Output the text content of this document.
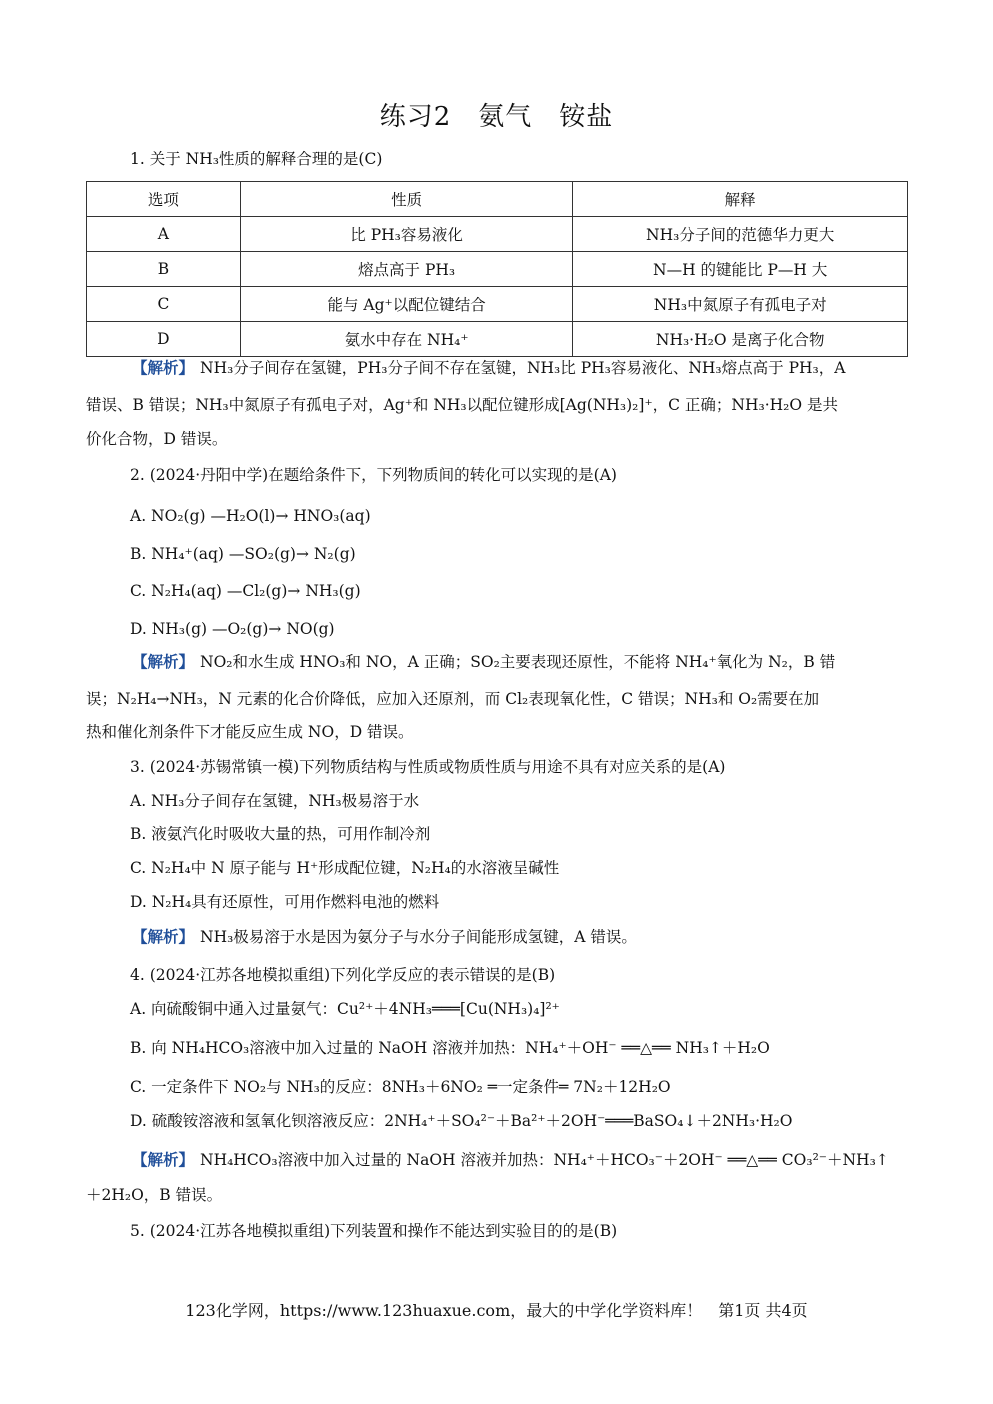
练习2　氨气　铵盐
1. 关于 NH₃性质的解释合理的是(C)
选项	性质	解释
A	比 PH₃容易液化	NH₃分子间的范德华力更大
B	熔点高于 PH₃	N—H 的键能比 P—H 大
C	能与 Ag⁺以配位键结合	NH₃中氮原子有孤电子对
D	氨水中存在 NH₄⁺	NH₃·H₂O 是离子化合物
【解析】 NH₃分子间存在氢键，PH₃分子间不存在氢键，NH₃比 PH₃容易液化、NH₃熔点高于 PH₃，A
错误、B 错误；NH₃中氮原子有孤电子对，Ag⁺和 NH₃以配位键形成[Ag(NH₃)₂]⁺，C 正确；NH₃·H₂O 是共
价化合物，D 错误。
2. (2024·丹阳中学)在题给条件下，下列物质间的转化可以实现的是(A)
A. NO₂(g) —H₂O(l)→ HNO₃(aq)
B. NH₄⁺(aq) —SO₂(g)→ N₂(g)
C. N₂H₄(aq) —Cl₂(g)→ NH₃(g)
D. NH₃(g) —O₂(g)→ NO(g)
【解析】 NO₂和水生成 HNO₃和 NO，A 正确；SO₂主要表现还原性，不能将 NH₄⁺氧化为 N₂，B 错
误；N₂H₄→NH₃，N 元素的化合价降低，应加入还原剂，而 Cl₂表现氧化性，C 错误；NH₃和 O₂需要在加
热和催化剂条件下才能反应生成 NO，D 错误。
3. (2024·苏锡常镇一模)下列物质结构与性质或物质性质与用途不具有对应关系的是(A)
A. NH₃分子间存在氢键，NH₃极易溶于水
B. 液氨汽化时吸收大量的热，可用作制冷剂
C. N₂H₄中 N 原子能与 H⁺形成配位键，N₂H₄的水溶液呈碱性
D. N₂H₄具有还原性，可用作燃料电池的燃料
【解析】 NH₃极易溶于水是因为氨分子与水分子间能形成氢键，A 错误。
4. (2024·江苏各地模拟重组)下列化学反应的表示错误的是(B)
A. 向硫酸铜中通入过量氨气：Cu²⁺＋4NH₃═══[Cu(NH₃)₄]²⁺
B. 向 NH₄HCO₃溶液中加入过量的 NaOH 溶液并加热：NH₄⁺＋OH⁻ ══△══ NH₃↑＋H₂O
C. 一定条件下 NO₂与 NH₃的反应：8NH₃＋6NO₂ ═一定条件═ 7N₂＋12H₂O
D. 硫酸铵溶液和氢氧化钡溶液反应：2NH₄⁺＋SO₄²⁻＋Ba²⁺＋2OH⁻═══BaSO₄↓＋2NH₃·H₂O
【解析】 NH₄HCO₃溶液中加入过量的 NaOH 溶液并加热：NH₄⁺＋HCO₃⁻＋2OH⁻ ══△══ CO₃²⁻＋NH₃↑
＋2H₂O，B 错误。
5. (2024·江苏各地模拟重组)下列装置和操作不能达到实验目的的是(B)
123化学网，https://www.123huaxue.com，最大的中学化学资料库！　第1页 共4页
